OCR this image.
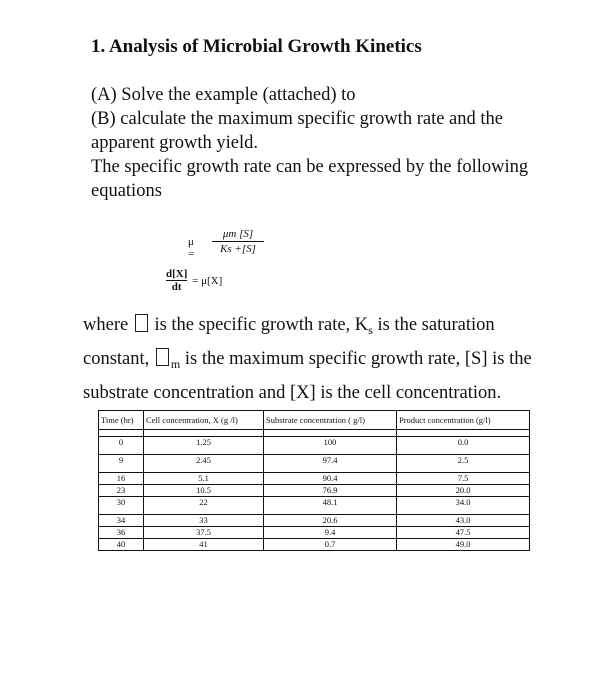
1. Analysis of Microbial Growth Kinetics
(A) Solve the example (attached) to
(B) calculate the maximum specific growth rate and the
apparent growth yield.
The specific growth rate can be expressed by the following
equations
$\mu = \frac{\mu m [S]}{Ks +[S]}$
$\frac{d[X]}{dt} = \mu[X]$
where  is the specific growth rate, $K_s$ is the saturation
constant, $_m$ is the maximum specific growth rate, [S] is the
substrate concentration and [X] is the cell concentration.
Time (hr)	Cell concentration, X (g /l)	Substrate concentration ( g/l)	Product concentration (g/l)

0	1.25	100	0.0

9	2.45	97.4	2.5

16	5.1	90.4	7.5
23	10.5	76.9	20.0
30	22	48.1	34.0

34	33	20.6	43.0
36	37.5	9.4	47.5
40	41	0.7	49.0
